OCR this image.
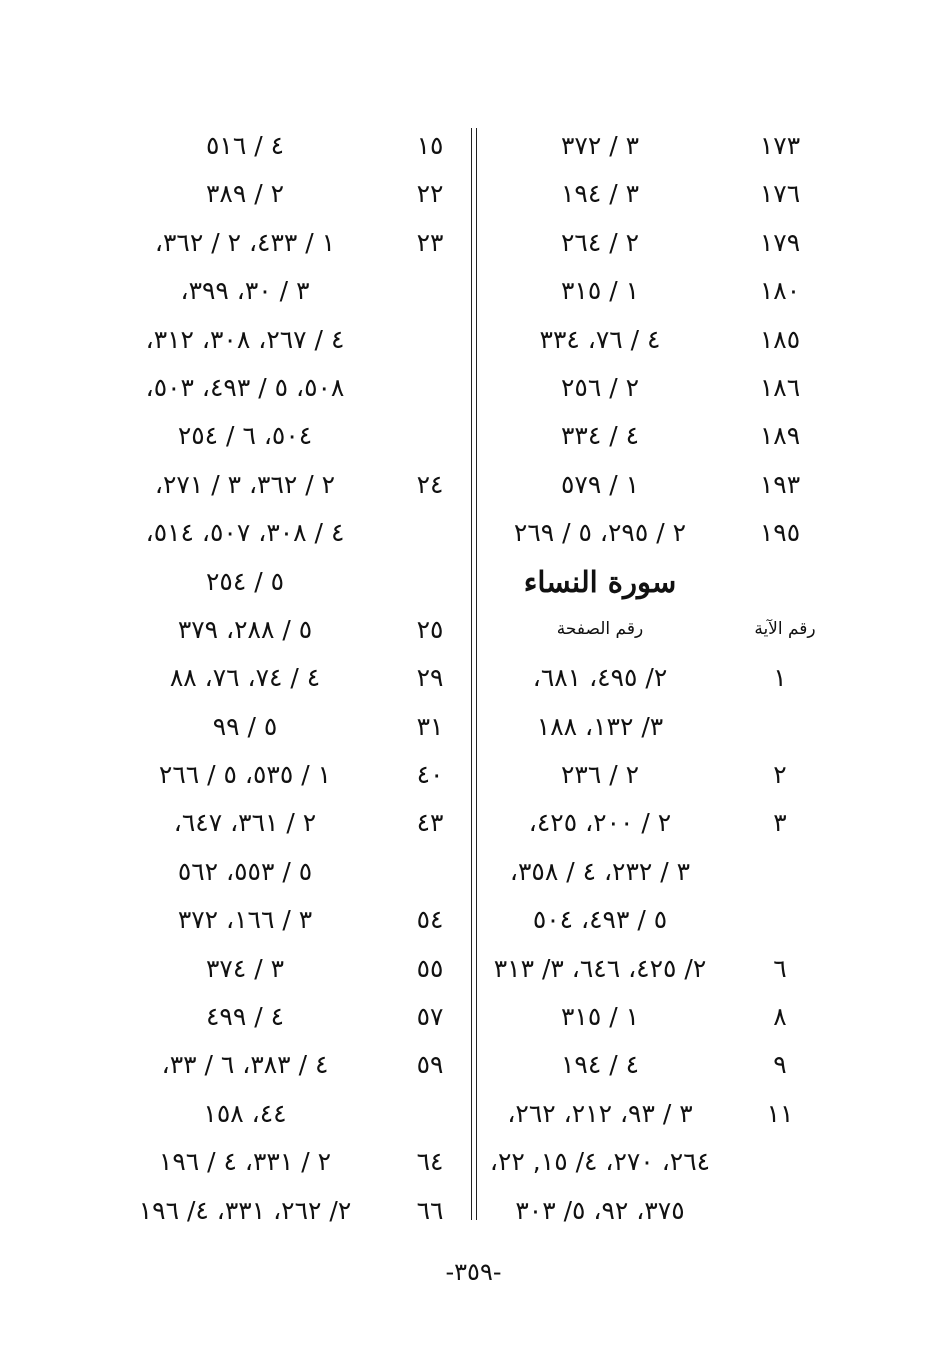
١٧٣
٣ / ٣٧٢
١٧٦
٣ / ١٩٤
١٧٩
٢ / ٢٦٤
١٨٠
١ / ٣١٥
١٨٥
٤ / ٧٦، ٣٣٤
١٨٦
٢ / ٢٥٦
١٨٩
٤ / ٣٣٤
١٩٣
١ / ٥٧٩
١٩٥
٢ / ٢٩٥، ٥ / ٢٦٩
سورة النساء
رقم الآية
رقم الصفحة
١
٢/ ٤٩٥، ٦٨١،
٣/ ١٣٢، ١٨٨
٢
٢ / ٢٣٦
٣
٢ / ٢٠٠، ٤٢٥،
٣ / ٢٣٢، ٤ / ٣٥٨،
٥ / ٤٩٣، ٥٠٤
٦
٢/ ٤٢٥، ٦٤٦، ٣/ ٣١٣
٨
١ / ٣١٥
٩
٤ / ١٩٤
١١
٣ / ٩٣، ٢١٢، ٢٦٢،
٢٦٤، ٢٧٠، ٤/ ١٥, ٢٢،
٣٧٥، ٩٢، ٥/ ٣٠٣
١٥
٤ / ٥١٦
٢٢
٢ / ٣٨٩
٢٣
١ / ٤٣٣، ٢ / ٣٦٢،
٣ / ٣٠، ٣٩٩،
٤ / ٢٦٧، ٣٠٨، ٣١٢،
٥٠٨، ٥ / ٤٩٣، ٥٠٣،
٥٠٤، ٦ / ٢٥٤
٢٤
٢ / ٣٦٢، ٣ / ٢٧١،
٤ / ٣٠٨، ٥٠٧، ٥١٤،
٥ / ٢٥٤
٢٥
٥ / ٢٨٨، ٣٧٩
٢٩
٤ / ٧٤، ٧٦، ٨٨
٣١
٥ / ٩٩
٤٠
١ / ٥٣٥، ٥ / ٢٦٦
٤٣
٢ / ٣٦١، ٦٤٧،
٥ / ٥٥٣، ٥٦٢
٥٤
٣ / ١٦٦، ٣٧٢
٥٥
٣ / ٣٧٤
٥٧
٤ / ٤٩٩
٥٩
٤ / ٣٨٣، ٦ / ٣٣،
٤٤، ١٥٨
٦٤
٢ / ٣٣١، ٤ / ١٩٦
٦٦
٢/ ٢٦٢، ٣٣١، ٤/ ١٩٦
-٣٥٩-
